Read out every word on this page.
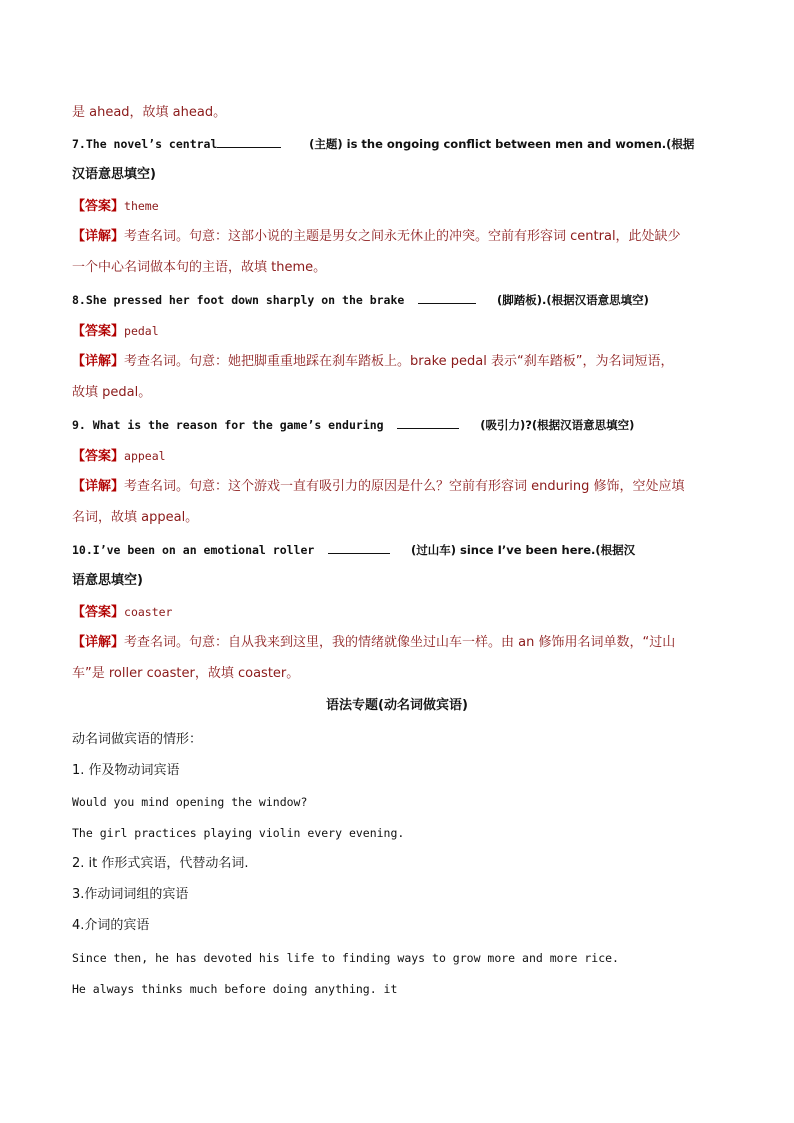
是 ahead，故填 ahead。
7.The novel’s central	(主题) is the ongoing conflict between men and women.(根据
汉语意思填空)
【答案】theme
【详解】考查名词。句意：这部小说的主题是男女之间永无休止的冲突。空前有形容词 central，此处缺少
一个中心名词做本句的主语，故填 theme。
8.She pressed her foot down sharply on the brake	(脚踏板).(根据汉语意思填空)
【答案】pedal
【详解】考查名词。句意：她把脚重重地踩在刹车踏板上。brake pedal 表示“刹车踏板”，为名词短语，
故填 pedal。
9. What is the reason for the game’s enduring	(吸引力)?(根据汉语意思填空)
【答案】appeal
【详解】考查名词。句意：这个游戏一直有吸引力的原因是什么？空前有形容词 enduring 修饰，空处应填
名词，故填 appeal。
10.I’ve been on an emotional roller	(过山车) since I’ve been here.(根据汉
语意思填空)
【答案】coaster
【详解】考查名词。句意：自从我来到这里，我的情绪就像坐过山车一样。由 an 修饰用名词单数，“过山
车”是 roller coaster，故填 coaster。
语法专题(动名词做宾语)
动名词做宾语的情形：
1. 作及物动词宾语
Would you mind opening the window?
The girl practices playing violin every evening.
2. it 作形式宾语，代替动名词.
3.作动词词组的宾语
4.介词的宾语
Since then, he has devoted his life to finding ways to grow more and more rice.
He always thinks much before doing anything. it
